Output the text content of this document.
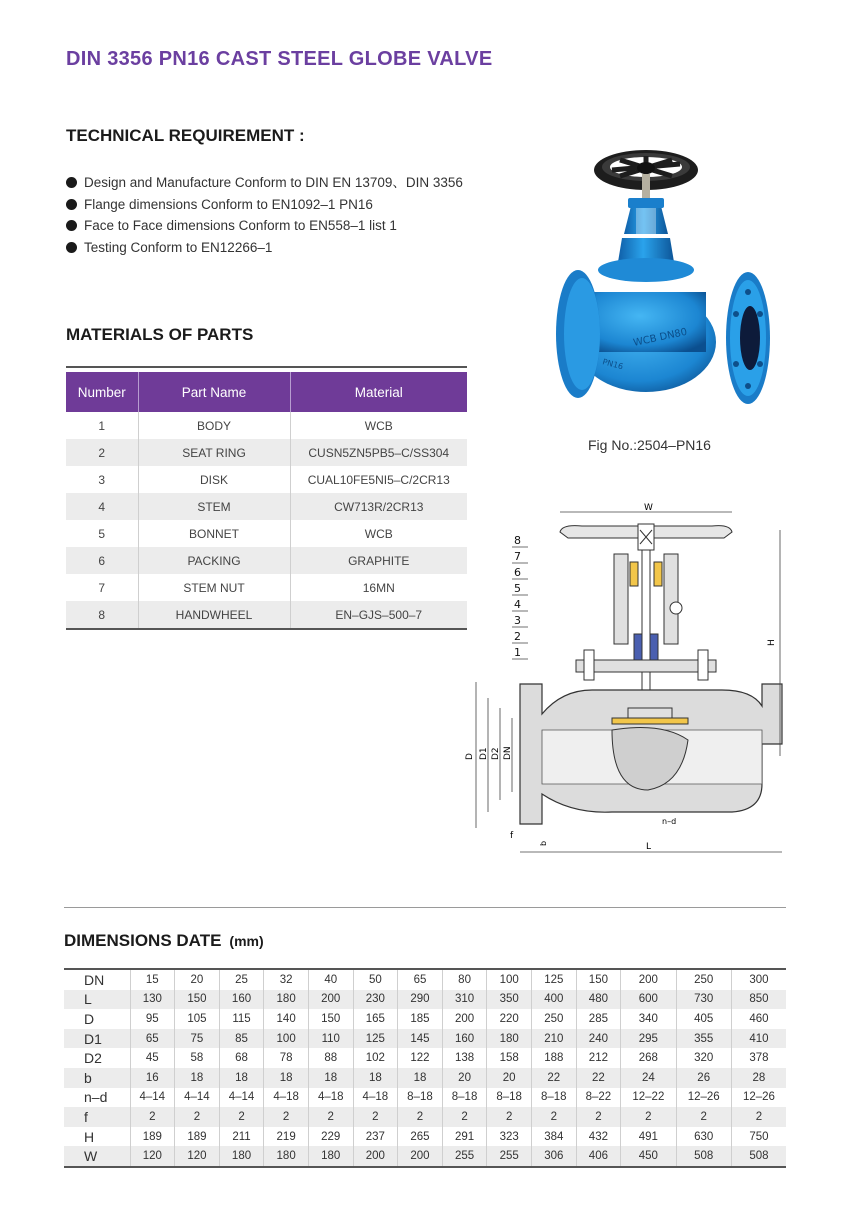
DIN 3356 PN16 CAST STEEL GLOBE VALVE
TECHNICAL REQUIREMENT :
Design and Manufacture Conform to DIN EN 13709、DIN 3356
Flange dimensions Conform to EN1092–1 PN16
Face to Face dimensions Conform to EN558–1 list 1
Testing Conform to EN12266–1
MATERIALS OF PARTS
Number	Part Name	Material
1	BODY	WCB
2	SEAT RING	CUSN5ZN5PB5–C/SS304
3	DISK	CUAL10FE5NI5–C/2CR13
4	STEM	CW713R/2CR13
5	BONNET	WCB
6	PACKING	GRAPHITE
7	STEM NUT	16MN
8	HANDWHEEL	EN–GJS–500–7
WCB DN80
PN16
Fig No.:2504–PN16
W
H
D D1 D2 DN
L
f
b
n–d
8
7
6
5
4
3
2
1
DIMENSIONS DATE (mm)
DN	15	20	25	32	40	50	65	80	100	125	150	200	250	300
L	130	150	160	180	200	230	290	310	350	400	480	600	730	850
D	95	105	115	140	150	165	185	200	220	250	285	340	405	460
D1	65	75	85	100	110	125	145	160	180	210	240	295	355	410
D2	45	58	68	78	88	102	122	138	158	188	212	268	320	378
b	16	18	18	18	18	18	18	20	20	22	22	24	26	28
n–d	4–14	4–14	4–14	4–18	4–18	4–18	8–18	8–18	8–18	8–18	8–22	12–22	12–26	12–26
f	2	2	2	2	2	2	2	2	2	2	2	2	2	2
H	189	189	211	219	229	237	265	291	323	384	432	491	630	750
W	120	120	180	180	180	200	200	255	255	306	406	450	508	508
